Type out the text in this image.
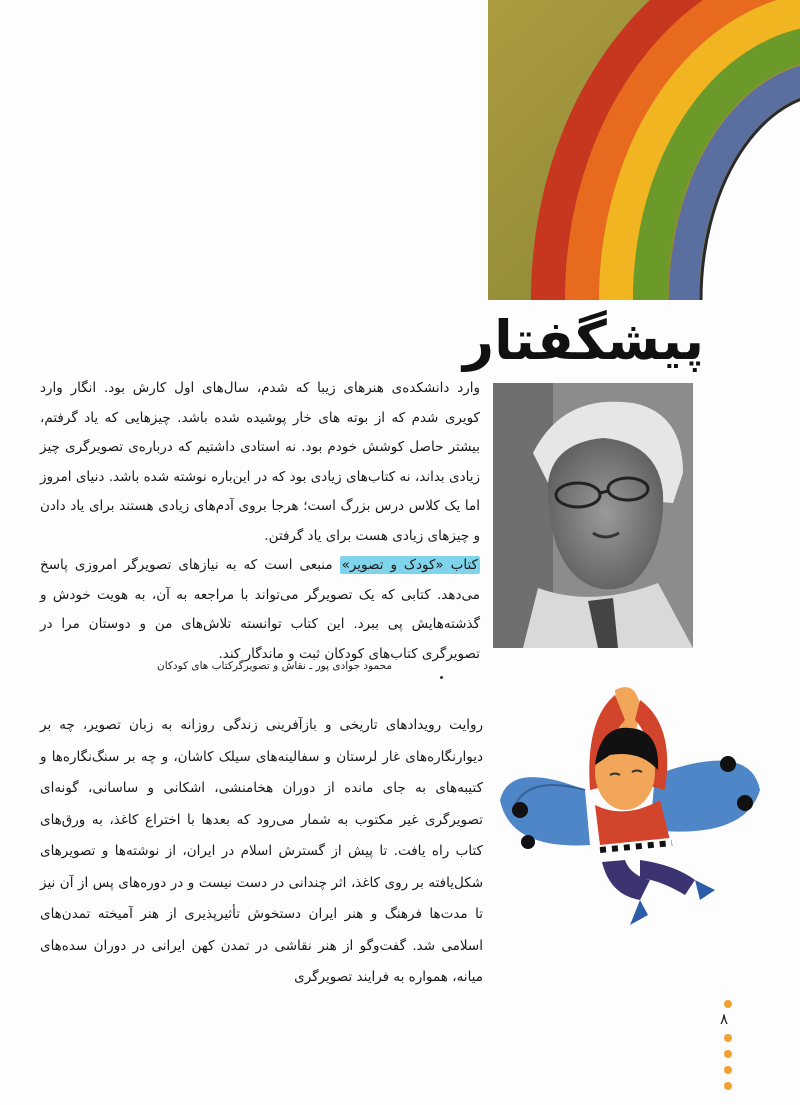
پیشگفتار
وارد دانشکده‌ی هنرهای زیبا که شدم، سال‌های اول کارش بود. انگار وارد کویری شدم که از بوته های خار پوشیده شده باشد. چیزهایی که یاد گرفتم، بیشتر حاصل کوشش خودم بود. نه استادی داشتیم که درباره‌ی تصویرگری چیز زیادی بداند، نه کتاب‌های زیادی بود که در این‌باره نوشته شده باشد. دنیای امروز اما یک کلاس درس بزرگ است؛ هرجا بروی آدم‌های زیادی هستند برای یاد دادن و چیزهای زیادی هست برای یاد گرفتن.
کتاب «کودک و تصویر» منبعی است که به نیازهای تصویرگر امروزی پاسخ می‌دهد. کتابی که یک تصویرگر می‌تواند با مراجعه به آن، به هویت خودش و گذشته‌هایش پی ببرد. این کتاب توانسته تلاش‌های من و دوستان مرا در تصویرگری کتاب‌های کودکان ثبت و ماندگار کند.
محمود جوادی پور ـ نقاش و تصویرگرکتاب های کودکان
روایت رویدادهای تاریخی و بازآفرینی زندگی روزانه به زبان تصویر، چه بر دیوارنگاره‌های غار لرستان و سفالینه‌های سیلک کاشان، و چه بر سنگ‌نگاره‌ها و کتیبه‌های به جای مانده از دوران هخامنشی، اشکانی و ساسانی، گونه‌ای تصویرگری غیر مکتوب به شمار می‌رود که بعدها با اختراع کاغذ، به ورق‌های کتاب راه یافت. تا پیش از گسترش اسلام در ایران، از نوشته‌ها و تصویرهای شکل‌یافته بر روی کاغذ، اثر چندانی در دست نیست و در دوره‌های پس از آن نیز تا مدت‌ها فرهنگ و هنر ایران دستخوش تأثیرپذیری از هنر آمیخته تمدن‌های اسلامی شد. گفت‌وگو از هنر نقاشی در تمدن کهن ایرانی در دوران سده‌های میانه، همواره به فرایند تصویرگری
۸
